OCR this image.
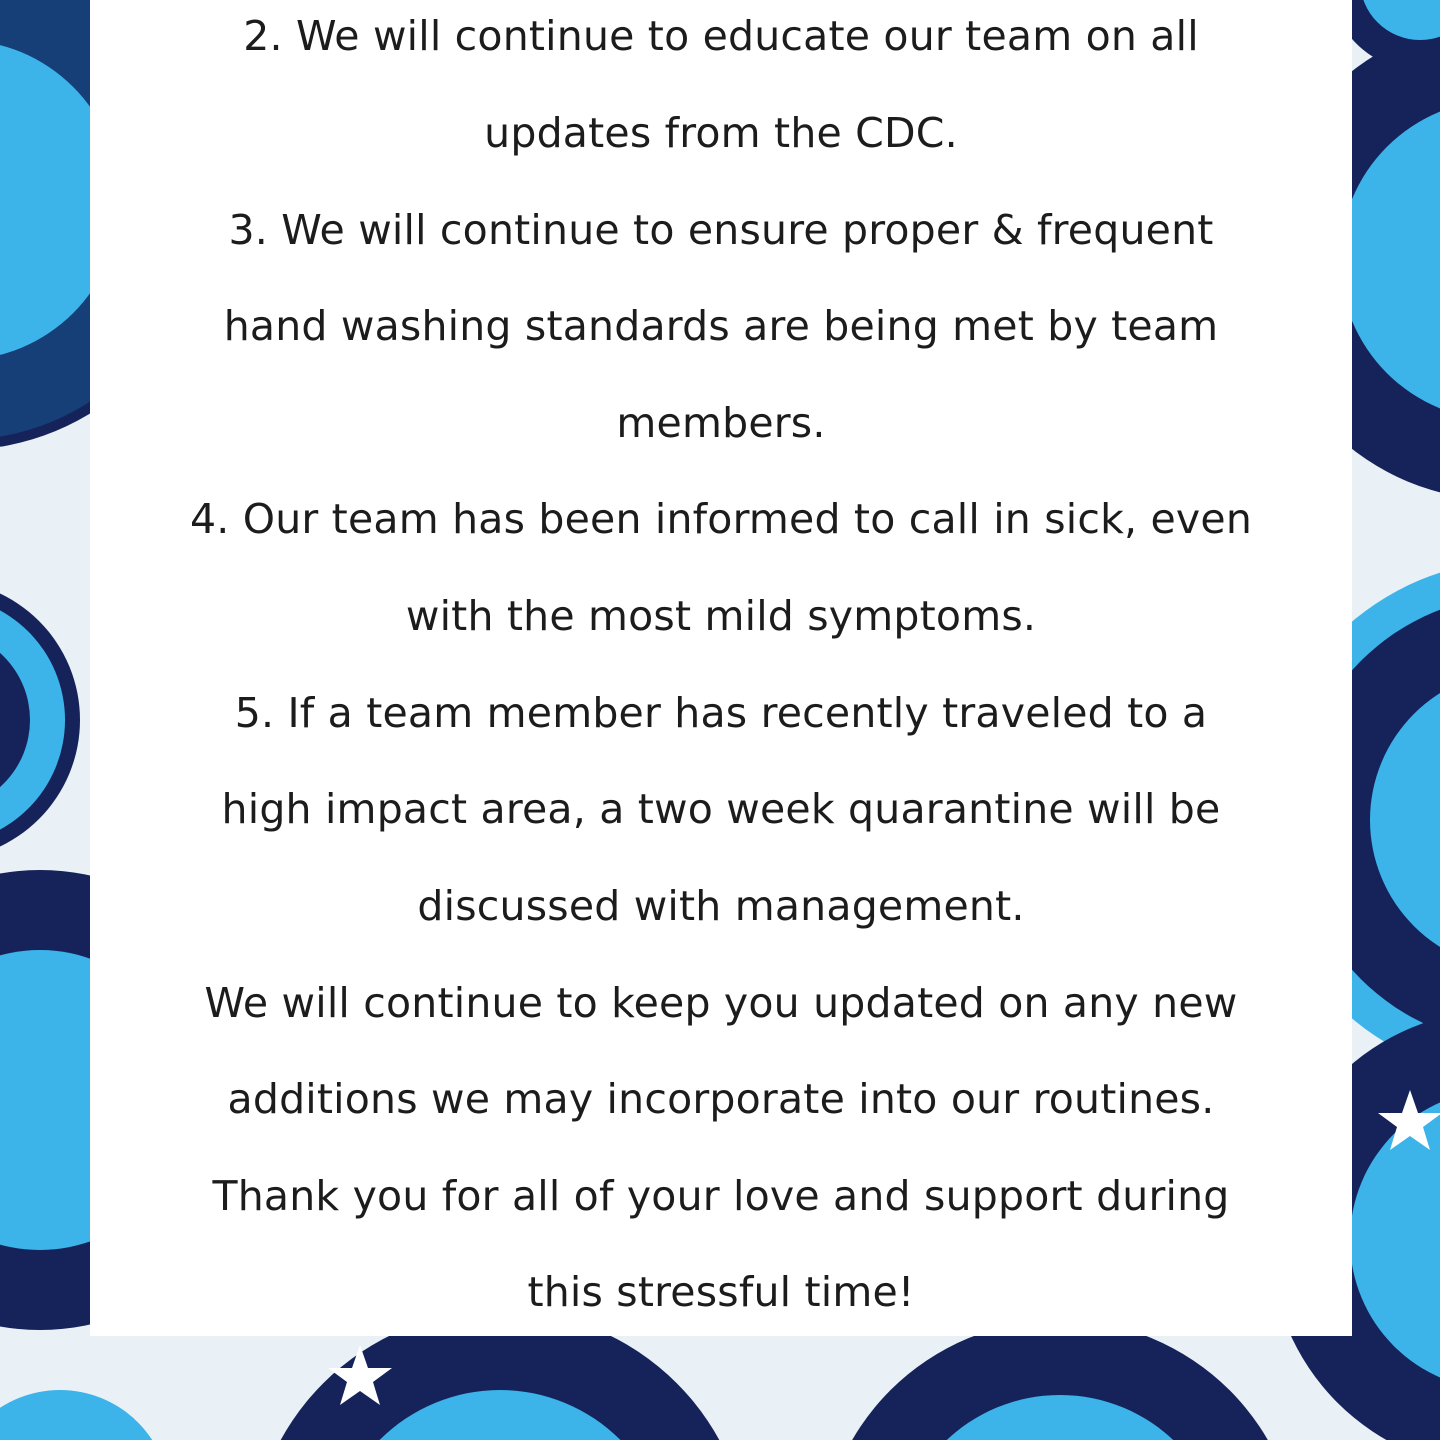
2. We will continue to educate our team on all
updates from the CDC.
3. We will continue to ensure proper & frequent
hand washing standards are being met by team
members.
4. Our team has been informed to call in sick, even
with the most mild symptoms.
5. If a team member has recently traveled to a
high impact area, a two week quarantine will be
discussed with management.
We will continue to keep you updated on any new
additions we may incorporate into our routines.
Thank you for all of your love and support during
this stressful time!
